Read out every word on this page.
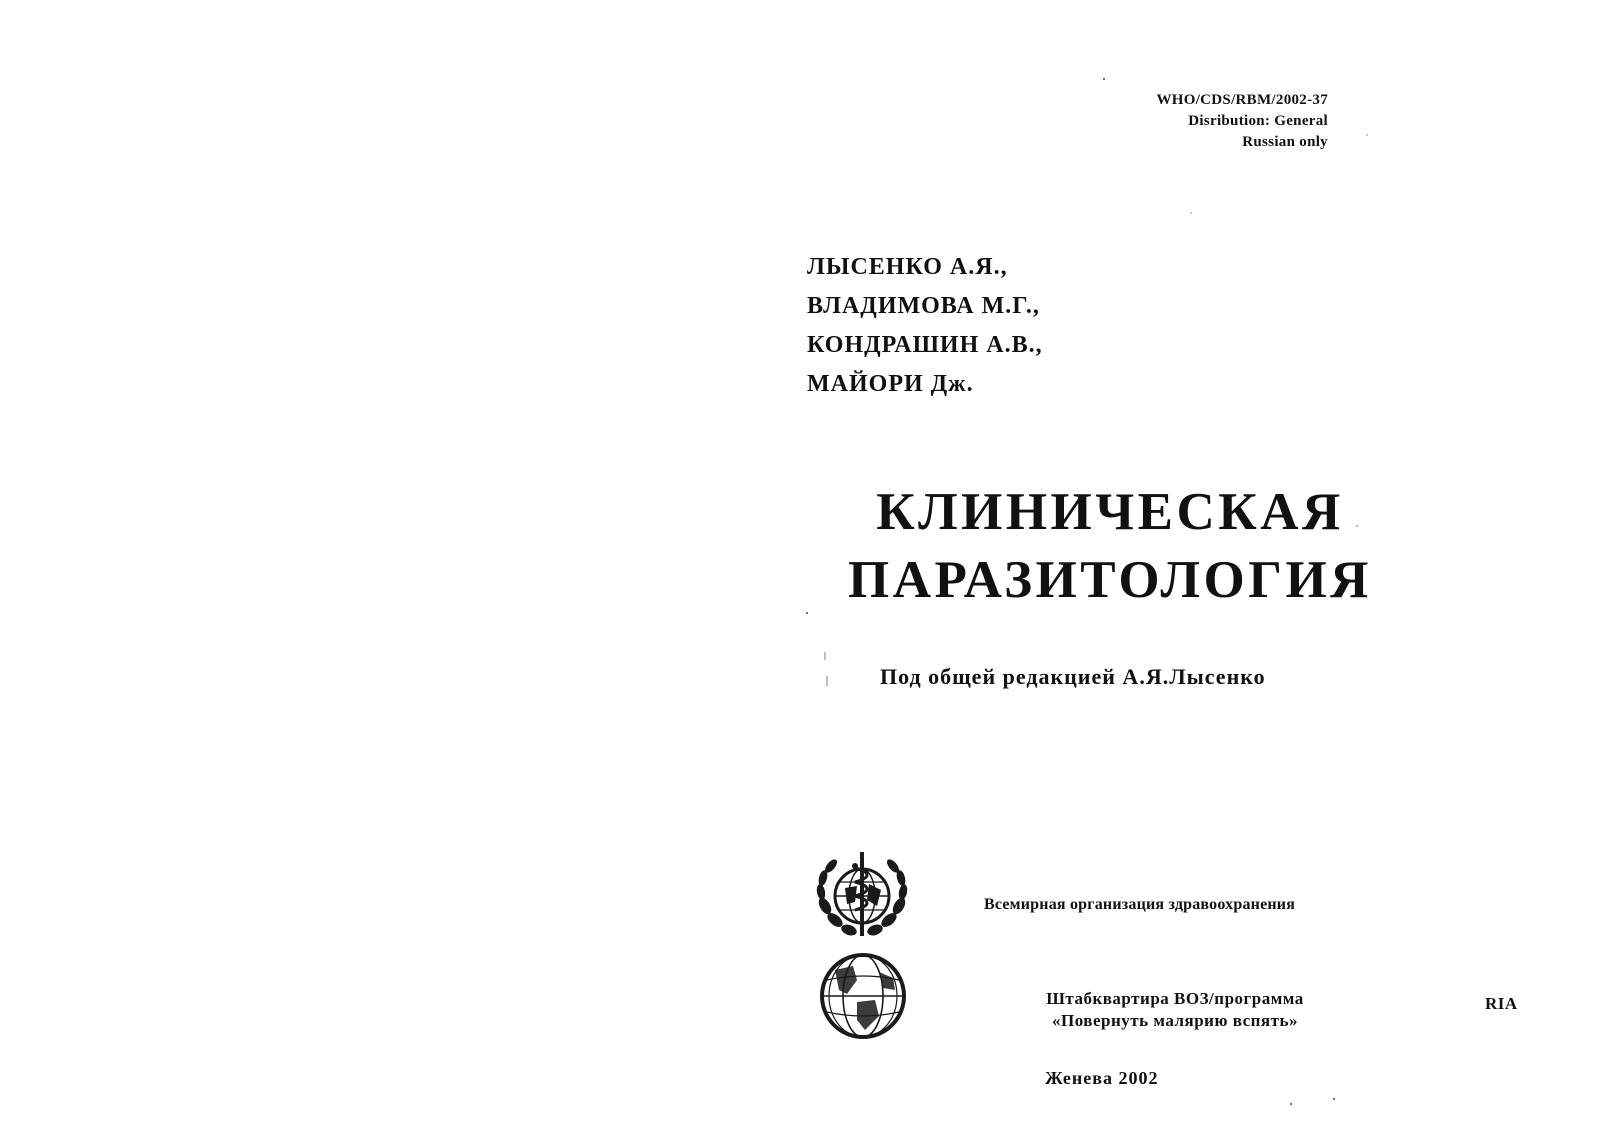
WHO/CDS/RBM/2002-37
Disribution: General
Russian only
ЛЫСЕНКО А.Я.,
ВЛАДИМОВА М.Г.,
КОНДРАШИН А.В.,
МАЙОРИ Дж.
КЛИНИЧЕСКАЯ
ПАРАЗИТОЛОГИЯ
Под общей редакцией А.Я.Лысенко
Всемирная организация здравоохранения
Штабквартира ВОЗ/программа
«Повернуть малярию вспять»
Женева 2002
RIA
